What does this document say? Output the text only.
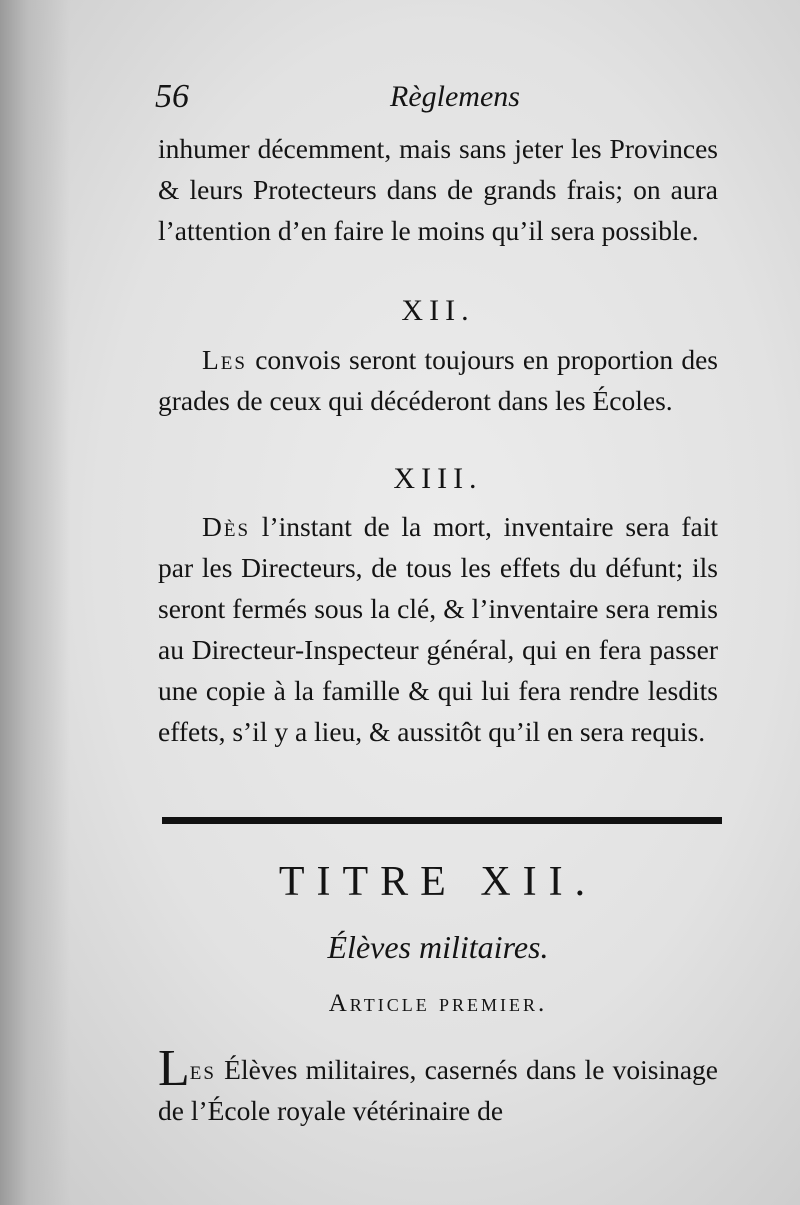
56	Règlemens

inhumer décemment, mais sans jeter les Provinces & leurs Protecteurs dans de grands frais; on aura l’attention d’en faire le moins qu’il sera possible.

XII.

Les convois seront toujours en proportion des grades de ceux qui décéderont dans les Écoles.

XIII.

Dès l’instant de la mort, inventaire sera fait par les Directeurs, de tous les effets du défunt; ils seront fermés sous la clé, & l’inventaire sera remis au Directeur-Inspecteur général, qui en fera passer une copie à la famille & qui lui fera rendre lesdits effets, s’il y a lieu, & aussitôt qu’il en sera requis.

TITRE XII.
Élèves militaires.
Article premier.

Les Élèves militaires, casernés dans le voisinage de l’École royale vétérinaire de
